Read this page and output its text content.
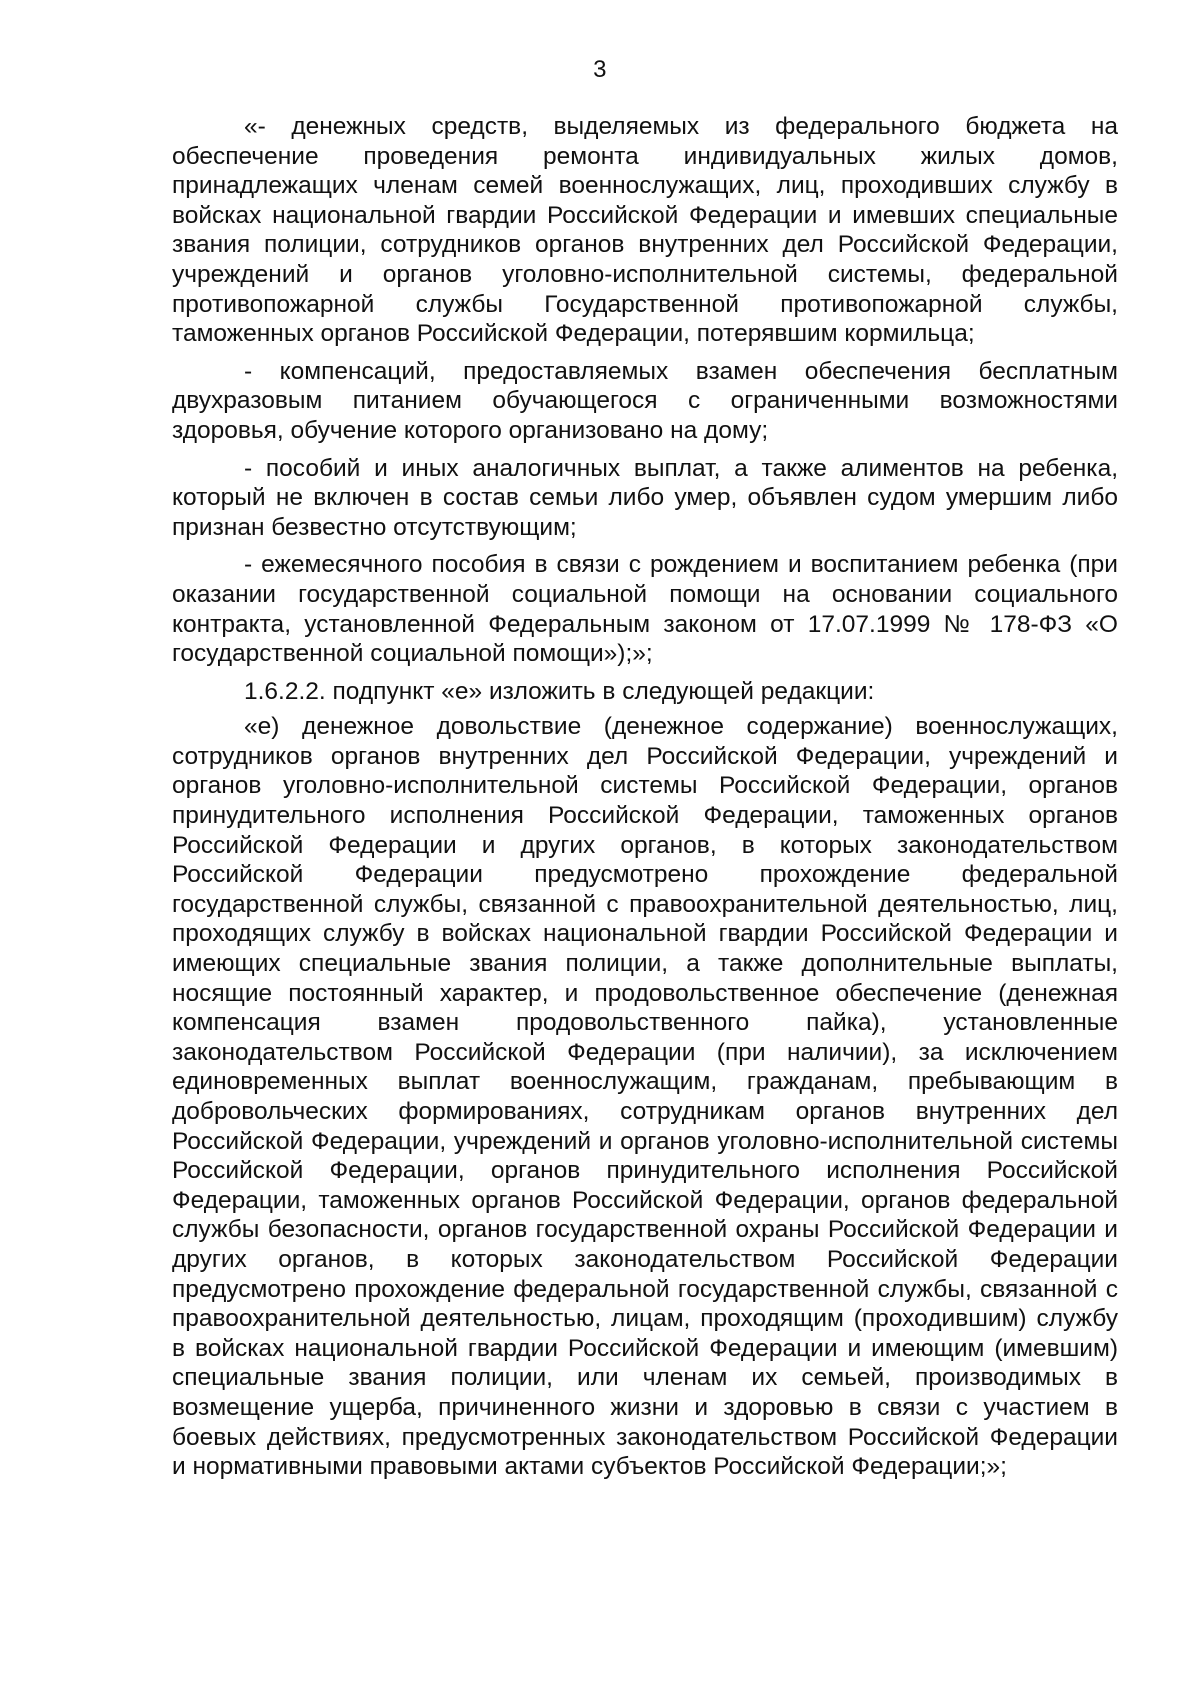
3

«- денежных средств, выделяемых из федерального бюджета на обеспечение проведения ремонта индивидуальных жилых домов, принадлежащих членам семей военнослужащих, лиц, проходивших службу в войсках национальной гвардии Российской Федерации и имевших специальные звания полиции, сотрудников органов внутренних дел Российской Федерации, учреждений и органов уголовно-исполнительной системы, федеральной противопожарной службы Государственной противопожарной службы, таможенных органов Российской Федерации, потерявшим кормильца;

- компенсаций, предоставляемых взамен обеспечения бесплатным двухразовым питанием обучающегося с ограниченными возможностями здоровья, обучение которого организовано на дому;

- пособий и иных аналогичных выплат, а также алиментов на ребенка, который не включен в состав семьи либо умер, объявлен судом умершим либо признан безвестно отсутствующим;

- ежемесячного пособия в связи с рождением и воспитанием ребенка (при оказании государственной социальной помощи на основании социального контракта, установленной Федеральным законом от 17.07.1999 № 178-ФЗ «О государственной социальной помощи»);»;

1.6.2.2. подпункт «е» изложить в следующей редакции:

«е) денежное довольствие (денежное содержание) военнослужащих, сотрудников органов внутренних дел Российской Федерации, учреждений и органов уголовно-исполнительной системы Российской Федерации, органов принудительного исполнения Российской Федерации, таможенных органов Российской Федерации и других органов, в которых законодательством Российской Федерации предусмотрено прохождение федеральной государственной службы, связанной с правоохранительной деятельностью, лиц, проходящих службу в войсках национальной гвардии Российской Федерации и имеющих специальные звания полиции, а также дополнительные выплаты, носящие постоянный характер, и продовольственное обеспечение (денежная компенсация взамен продовольственного пайка), установленные законодательством Российской Федерации (при наличии), за исключением единовременных выплат военнослужащим, гражданам, пребывающим в добровольческих формированиях, сотрудникам органов внутренних дел Российской Федерации, учреждений и органов уголовно-исполнительной системы Российской Федерации, органов принудительного исполнения Российской Федерации, таможенных органов Российской Федерации, органов федеральной службы безопасности, органов государственной охраны Российской Федерации и других органов, в которых законодательством Российской Федерации предусмотрено прохождение федеральной государственной службы, связанной с правоохранительной деятельностью, лицам, проходящим (проходившим) службу в войсках национальной гвардии Российской Федерации и имеющим (имевшим) специальные звания полиции, или членам их семьей, производимых в возмещение ущерба, причиненного жизни и здоровью в связи с участием в боевых действиях, предусмотренных законодательством Российской Федерации и нормативными правовыми актами субъектов Российской Федерации;»;
